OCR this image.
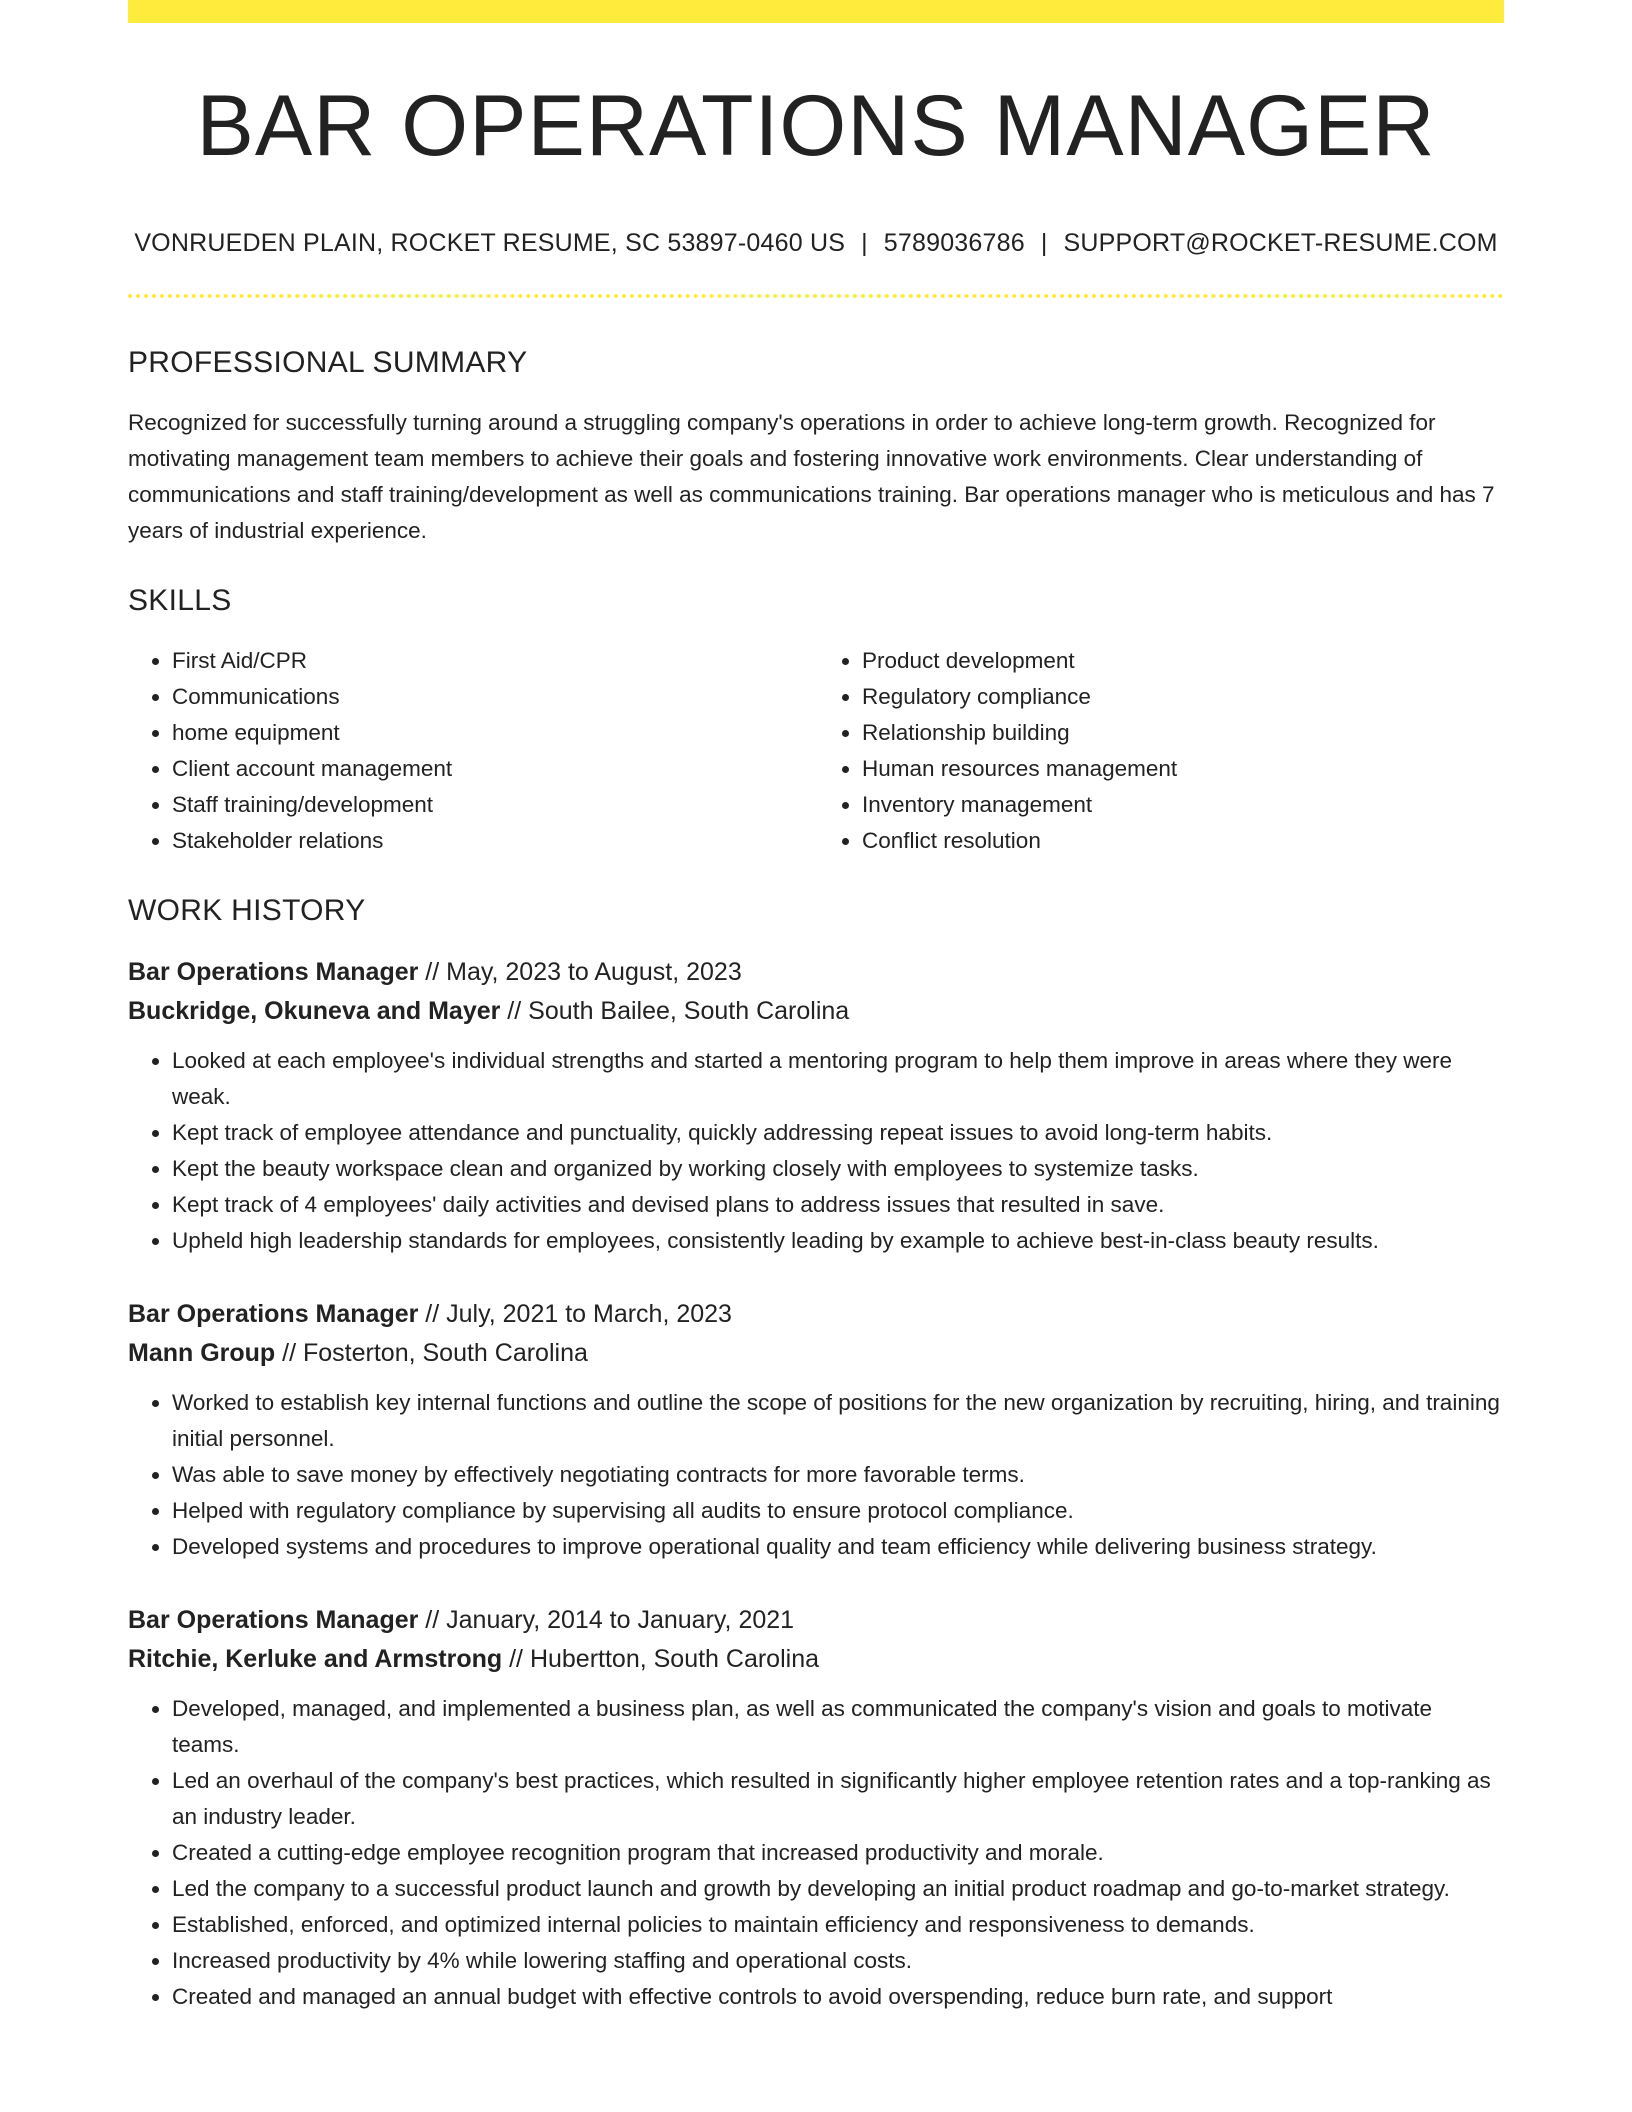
BAR OPERATIONS MANAGER
VONRUEDEN PLAIN, ROCKET RESUME, SC 53897-0460 US | 5789036786 | SUPPORT@ROCKET-RESUME.COM
PROFESSIONAL SUMMARY

Recognized for successfully turning around a struggling company's operations in order to achieve long-term growth. Recognized for motivating management team members to achieve their goals and fostering innovative work environments. Clear understanding of communications and staff training/development as well as communications training. Bar operations manager who is meticulous and has 7 years of industrial experience.

SKILLS
• First Aid/CPR
• Communications
• home equipment
• Client account management
• Staff training/development
• Stakeholder relations
• Product development
• Regulatory compliance
• Relationship building
• Human resources management
• Inventory management
• Conflict resolution
WORK HISTORY
Bar Operations Manager // May, 2023 to August, 2023
Buckridge, Okuneva and Mayer // South Bailee, South Carolina
• Looked at each employee's individual strengths and started a mentoring program to help them improve in areas where they were weak.
• Kept track of employee attendance and punctuality, quickly addressing repeat issues to avoid long-term habits.
• Kept the beauty workspace clean and organized by working closely with employees to systemize tasks.
• Kept track of 4 employees' daily activities and devised plans to address issues that resulted in save.
• Upheld high leadership standards for employees, consistently leading by example to achieve best-in-class beauty results.
Bar Operations Manager // July, 2021 to March, 2023
Mann Group // Fosterton, South Carolina
• Worked to establish key internal functions and outline the scope of positions for the new organization by recruiting, hiring, and training initial personnel.
• Was able to save money by effectively negotiating contracts for more favorable terms.
• Helped with regulatory compliance by supervising all audits to ensure protocol compliance.
• Developed systems and procedures to improve operational quality and team efficiency while delivering business strategy.
Bar Operations Manager // January, 2014 to January, 2021
Ritchie, Kerluke and Armstrong // Hubertton, South Carolina
• Developed, managed, and implemented a business plan, as well as communicated the company's vision and goals to motivate teams.
• Led an overhaul of the company's best practices, which resulted in significantly higher employee retention rates and a top-ranking as an industry leader.
• Created a cutting-edge employee recognition program that increased productivity and morale.
• Led the company to a successful product launch and growth by developing an initial product roadmap and go-to-market strategy.
• Established, enforced, and optimized internal policies to maintain efficiency and responsiveness to demands.
• Increased productivity by 4% while lowering staffing and operational costs.
• Created and managed an annual budget with effective controls to avoid overspending, reduce burn rate, and support
